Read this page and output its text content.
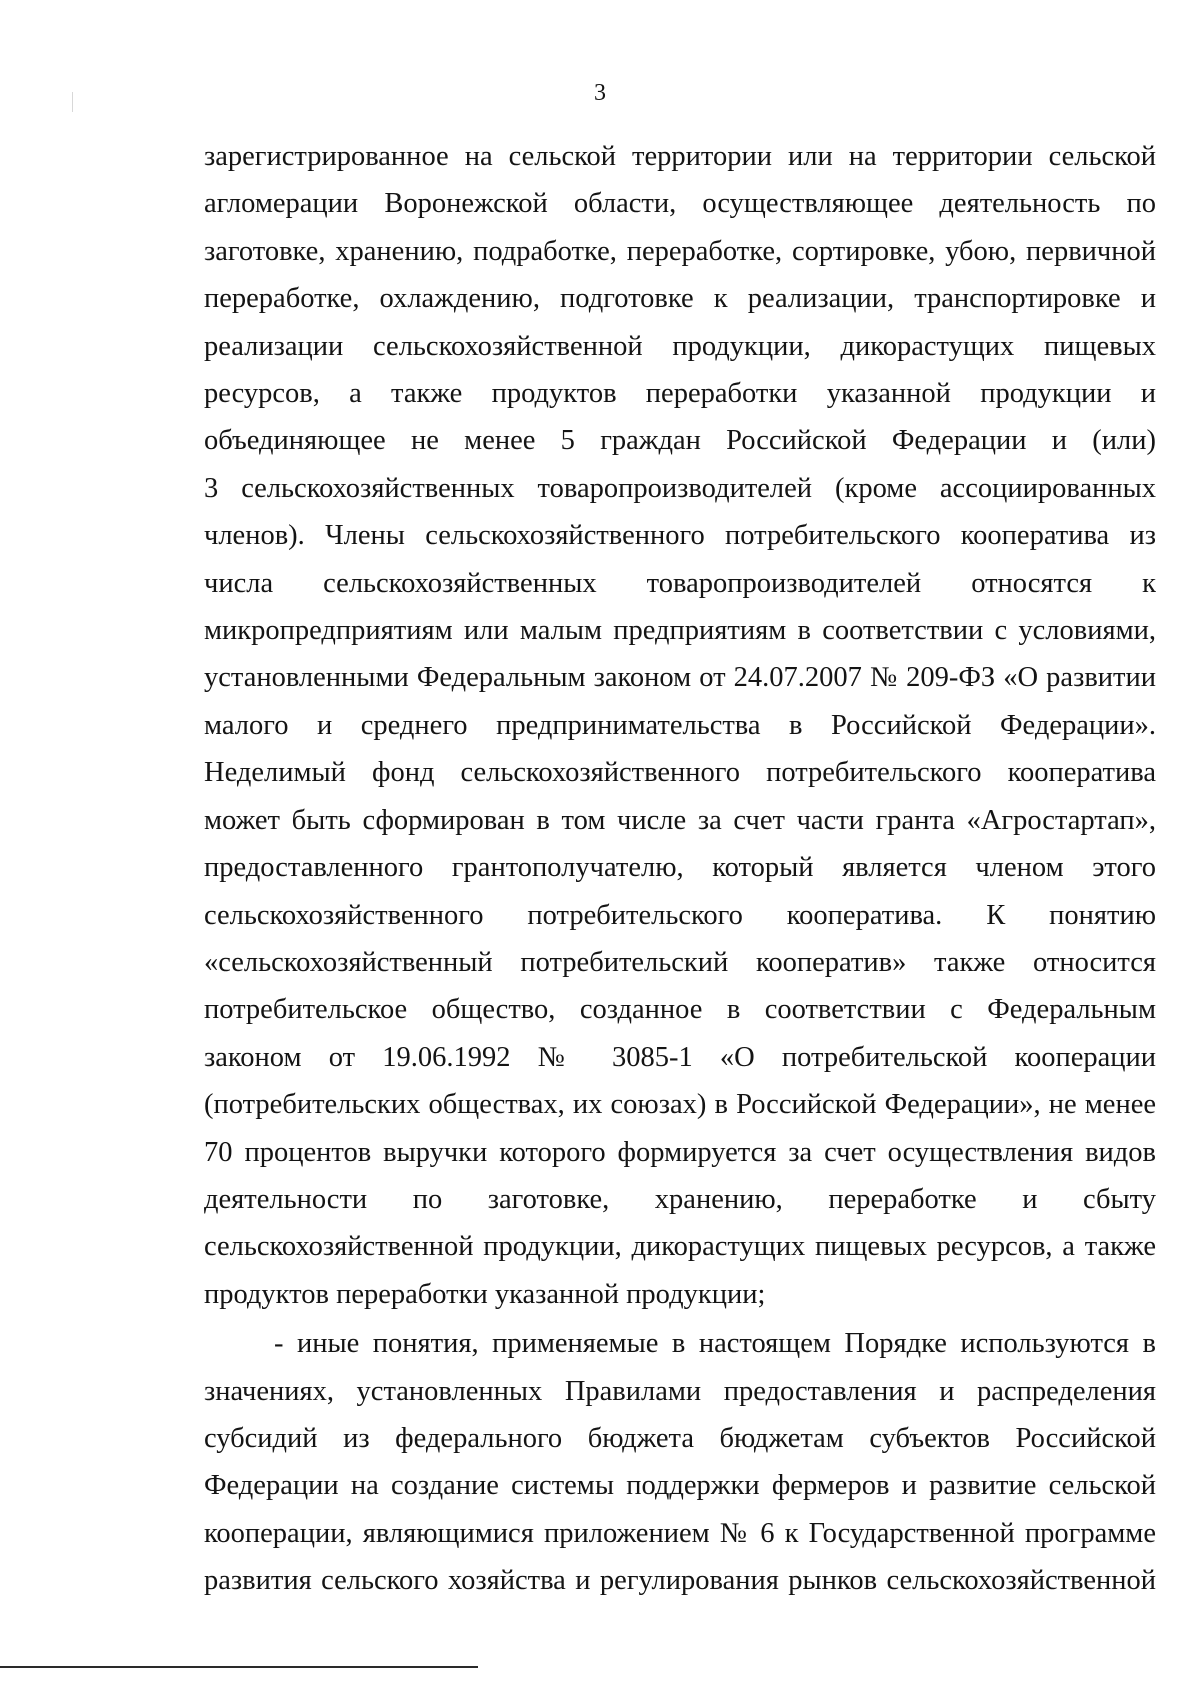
3
зарегистрированное на сельской территории или на территории сельской
агломерации Воронежской области, осуществляющее деятельность по
заготовке, хранению, подработке, переработке, сортировке, убою, первичной
переработке, охлаждению, подготовке к реализации, транспортировке и
реализации сельскохозяйственной продукции, дикорастущих пищевых
ресурсов, а также продуктов переработки указанной продукции и
объединяющее не менее 5 граждан Российской Федерации и (или)
3 сельскохозяйственных товаропроизводителей (кроме ассоциированных
членов). Члены сельскохозяйственного потребительского кооператива из
числа сельскохозяйственных товаропроизводителей относятся к
микропредприятиям или малым предприятиям в соответствии с условиями,
установленными Федеральным законом от 24.07.2007 № 209-ФЗ «О развитии
малого и среднего предпринимательства в Российской Федерации».
Неделимый фонд сельскохозяйственного потребительского кооператива
может быть сформирован в том числе за счет части гранта «Агростартап»,
предоставленного грантополучателю, который является членом этого
сельскохозяйственного потребительского кооператива. К понятию
«сельскохозяйственный потребительский кооператив» также относится
потребительское общество, созданное в соответствии с Федеральным
законом от 19.06.1992 № 3085-1 «О потребительской кооперации
(потребительских обществах, их союзах) в Российской Федерации», не менее
70 процентов выручки которого формируется за счет осуществления видов
деятельности по заготовке, хранению, переработке и сбыту
сельскохозяйственной продукции, дикорастущих пищевых ресурсов, а также
продуктов переработки указанной продукции;
- иные понятия, применяемые в настоящем Порядке используются в
значениях, установленных Правилами предоставления и распределения
субсидий из федерального бюджета бюджетам субъектов Российской
Федерации на создание системы поддержки фермеров и развитие сельской
кооперации, являющимися приложением № 6 к Государственной программе
развития сельского хозяйства и регулирования рынков сельскохозяйственной
